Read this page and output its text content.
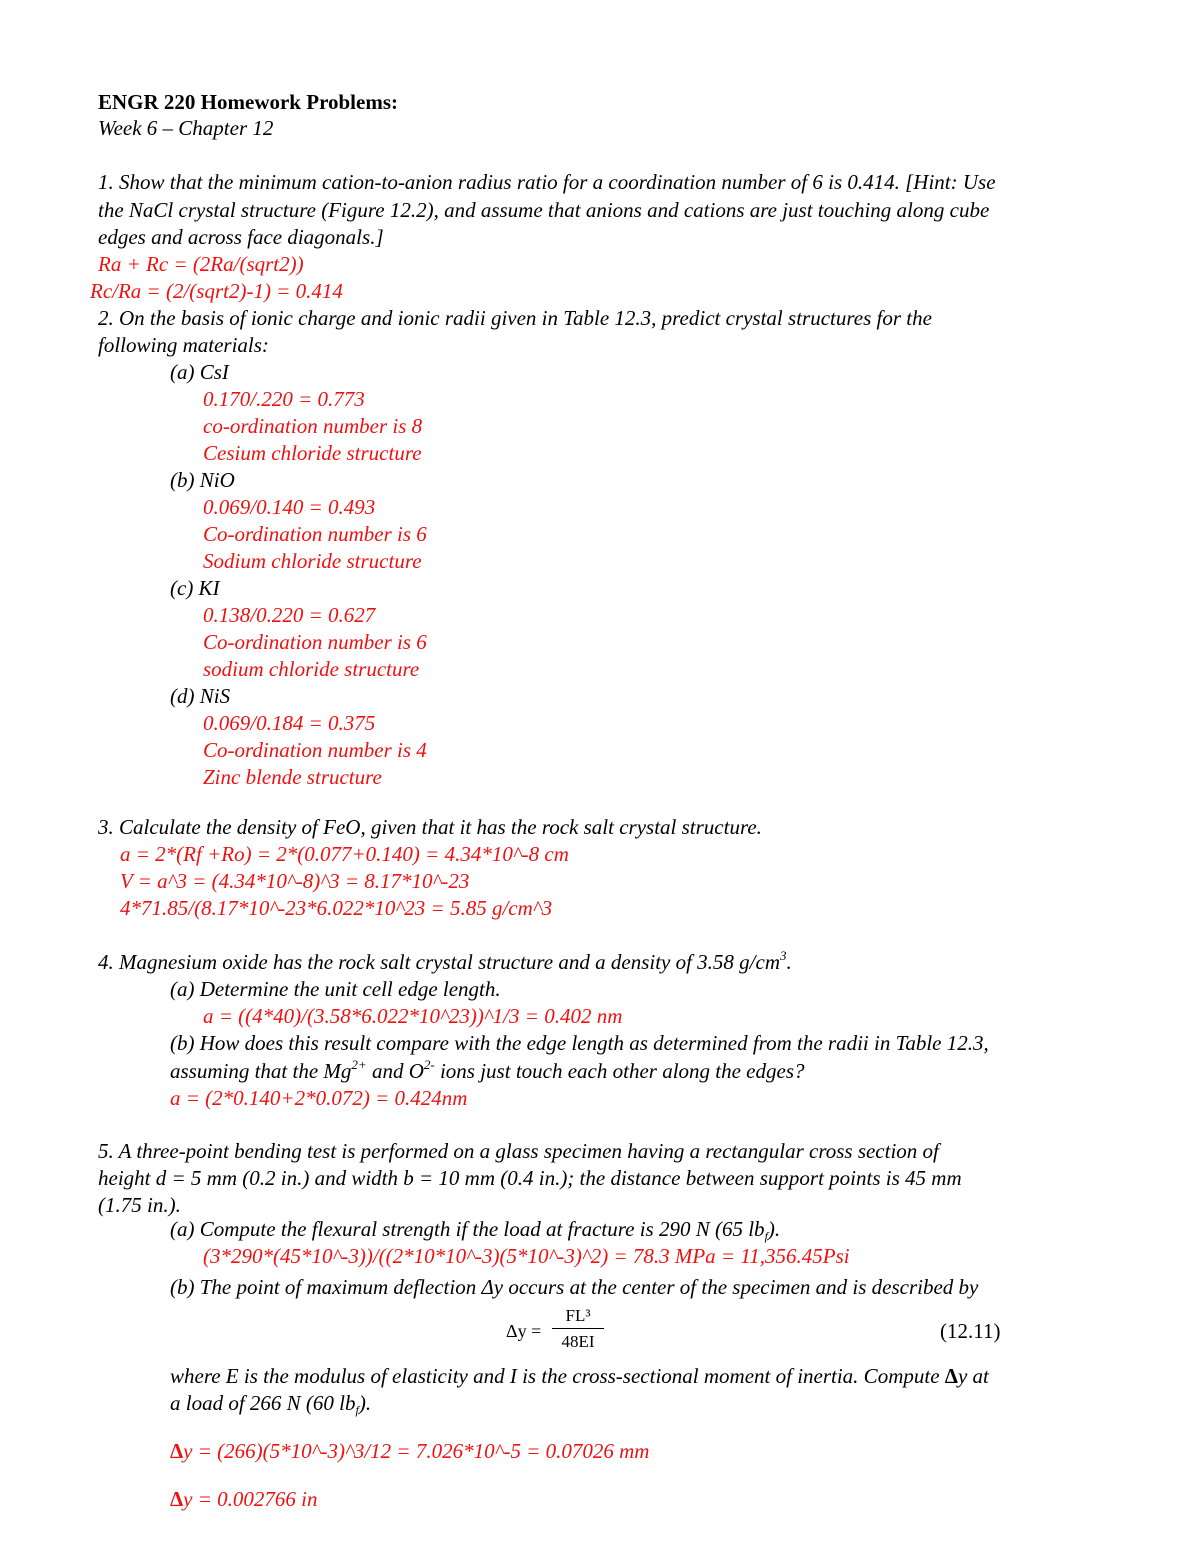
ENGR 220 Homework Problems:
Week 6 – Chapter 12
1. Show that the minimum cation-to-anion radius ratio for a coordination number of 6 is 0.414. [Hint: Use
the NaCl crystal structure (Figure 12.2), and assume that anions and cations are just touching along cube
edges and across face diagonals.]
Ra + Rc = (2Ra/(sqrt2))
Rc/Ra = (2/(sqrt2)-1) = 0.414
2. On the basis of ionic charge and ionic radii given in Table 12.3, predict crystal structures for the
following materials:
(a) CsI
0.170/.220 = 0.773
co-ordination number is 8
Cesium chloride structure
(b) NiO
0.069/0.140 = 0.493
Co-ordination number is 6
Sodium chloride structure
(c) KI
0.138/0.220 = 0.627
Co-ordination number is 6
sodium chloride structure
(d) NiS
0.069/0.184 = 0.375
Co-ordination number is 4
Zinc blende structure
3. Calculate the density of FeO, given that it has the rock salt crystal structure.
a = 2*(Rf +Ro) = 2*(0.077+0.140) = 4.34*10^-8 cm
V = a^3 = (4.34*10^-8)^3 = 8.17*10^-23
4*71.85/(8.17*10^-23*6.022*10^23 = 5.85 g/cm^3
4. Magnesium oxide has the rock salt crystal structure and a density of 3.58 $g/cm^3$.
(a) Determine the unit cell edge length.
a = ((4*40)/(3.58*6.022*10^23))^1/3 = 0.402 nm
(b) How does this result compare with the edge length as determined from the radii in Table 12.3,
assuming that the $Mg^{2+}$ and $O^{2-}$ ions just touch each other along the edges?
a = (2*0.140+2*0.072) = 0.424nm
5. A three-point bending test is performed on a glass specimen having a rectangular cross section of
height d = 5 mm (0.2 in.) and width b = 10 mm (0.4 in.); the distance between support points is 45 mm
(1.75 in.).
(a) Compute the flexural strength if the load at fracture is 290 N (65 $lb_f$).
(3*290*(45*10^-3))/((2*10*10^-3)(5*10^-3)^2) = 78.3 MPa = 11,356.45Psi
(b) The point of maximum deflection Δy occurs at the center of the specimen and is described by
Δy =
FL³
48EI	(12.11)
where E is the modulus of elasticity and I is the cross-sectional moment of inertia. Compute Δy at
a load of 266 N (60 $lb_f$).
Δy = (266)(5*10^-3)^3/12 = 7.026*10^-5 = 0.07026 mm
Δy = 0.002766 in
